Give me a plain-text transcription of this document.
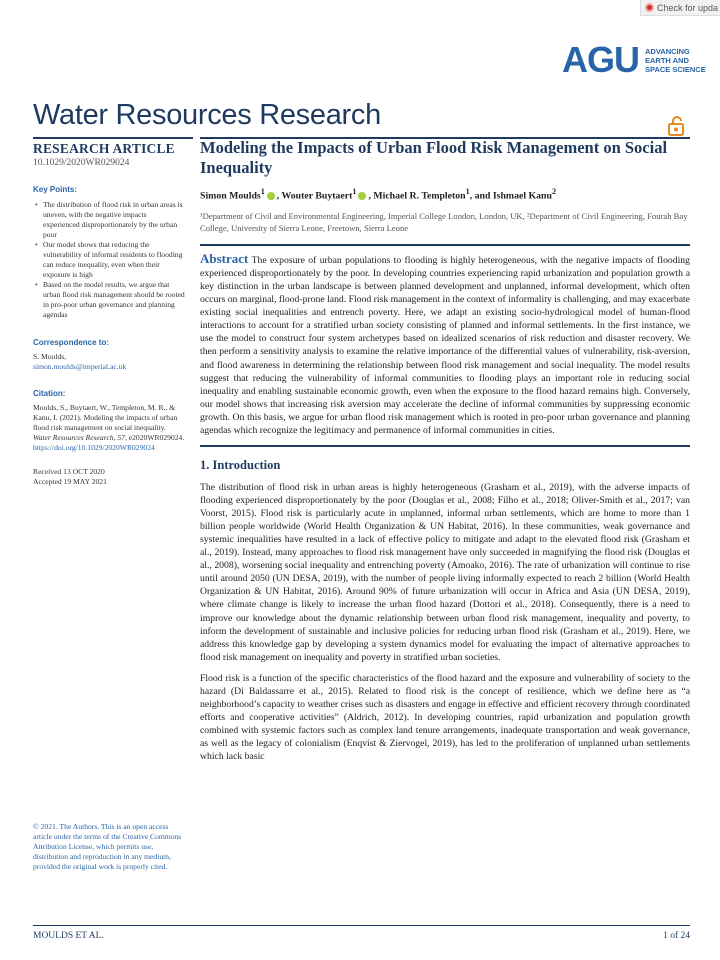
Check for upda
AGU ADVANCING
EARTH AND
SPACE SCIENCE
Water Resources Research
RESEARCH ARTICLE
10.1029/2020WR029024
Key Points:
• The distribution of flood risk in urban areas is uneven, with the negative impacts experienced disproportionately by the urban poor
• Our model shows that reducing the vulnerability of informal residents to flooding can reduce inequality, even when their exposure is high
• Based on the model results, we argue that urban flood risk management should be rooted in pro-poor urban governance and planning agendas
Correspondence to:
S. Moulds,
simon.moulds@imperial.ac.uk
Citation:
Moulds, S., Buytaert, W., Templeton, M. R., & Kanu, I. (2021). Modeling the impacts of urban flood risk management on social inequality. Water Resources Research, 57, e2020WR029024. https://doi.org/10.1029/2020WR029024
Received 13 OCT 2020
Accepted 19 MAY 2021
© 2021. The Authors. This is an open access article under the terms of the Creative Commons Attribution License, which permits use, distribution and reproduction in any medium, provided the original work is properly cited.
Modeling the Impacts of Urban Flood Risk Management on Social Inequality
Simon Moulds$^1$ , Wouter Buytaert$^1$ , Michael R. Templeton$^1$, and Ishmael Kanu$^2$
¹Department of Civil and Environmental Engineering, Imperial College London, London, UK, ²Department of Civil Engineering, Fourah Bay College, University of Sierra Leone, Freetown, Sierra Leone
Abstract The exposure of urban populations to flooding is highly heterogeneous, with the negative impacts of flooding experienced disproportionately by the poor. In developing countries experiencing rapid urbanization and population growth a key distinction in the urban landscape is between planned development and unplanned, informal development, which often occurs on marginal, flood-prone land. Flood risk management in the context of informality is challenging, and may exacerbate existing social inequalities and entrench poverty. Here, we adapt an existing socio-hydrological model of human-flood interactions to account for a stratified urban society consisting of planned and informal settlements. In the first instance, we use the model to construct four system archetypes based on idealized scenarios of risk reduction and disaster recovery. We then perform a sensitivity analysis to examine the relative importance of the differential values of vulnerability, risk-aversion, and flood awareness in determining the relationship between flood risk management and social inequality. The model results suggest that reducing the vulnerability of informal communities to flooding plays an important role in reducing social inequality and enabling sustainable economic growth, even when the exposure to the flood hazard remains high. Conversely, our model shows that increasing risk aversion may accelerate the decline of informal communities by suppressing economic growth. On this basis, we argue for urban flood risk management which is rooted in pro-poor urban governance and planning agendas which recognize the legitimacy and permanence of informal communities in cities.
1. Introduction

The distribution of flood risk in urban areas is highly heterogeneous (Grasham et al., 2019), with the adverse impacts of flooding experienced disproportionately by the poor (Douglas et al., 2008; Filho et al., 2018; Oliver-Smith et al., 2017; van Voorst, 2015). Flood risk is particularly acute in unplanned, informal urban settlements, which are home to more than 1 billion people worldwide (World Health Organization & UN Habitat, 2016). In these communities, weak governance and systemic inequalities have resulted in a lack of effective policy to mitigate and adapt to the elevated flood risk (Grasham et al., 2019). Instead, many approaches to flood risk management have only succeeded in magnifying the flood risk (Douglas et al., 2008), worsening social inequality and entrenching poverty (Amoako, 2016). The rate of urbanization will continue to rise until around 2050 (UN DESA, 2019), with the number of people living informally expected to reach 2 billion (World Health Organization & UN Habitat, 2016). Around 90% of future urbanization will occur in Africa and Asia (UN DESA, 2019), where climate change is likely to increase the urban flood hazard (Dottori et al., 2018). Consequently, there is a need to improve our knowledge about the dynamic relationship between urban flood risk management, inequality and poverty, to inform the development of sustainable and inclusive policies for reducing urban flood risk (Grasham et al., 2019). Here, we address this knowledge gap by developing a system dynamics model for evaluating the impact of alternative approaches to flood risk management on inequality and poverty in stratified urban societies.

Flood risk is a function of the specific characteristics of the flood hazard and the exposure and vulnerability of society to the hazard (Di Baldassarre et al., 2015). Related to flood risk is the concept of resilience, which we define here as “a neighborhood’s capacity to weather crises such as disasters and engage in effective and efficient recovery through coordinated efforts and cooperative activities” (Aldrich, 2012). In developing countries, rapid urbanization and population growth combined with systemic factors such as complex land tenure arrangements, inadequate transportation and weak governance, as well as the legacy of colonialism (Enqvist & Ziervogel, 2019), has led to the proliferation of unplanned urban settlements which lack basic

MOULDS ET AL.	1 of 24
